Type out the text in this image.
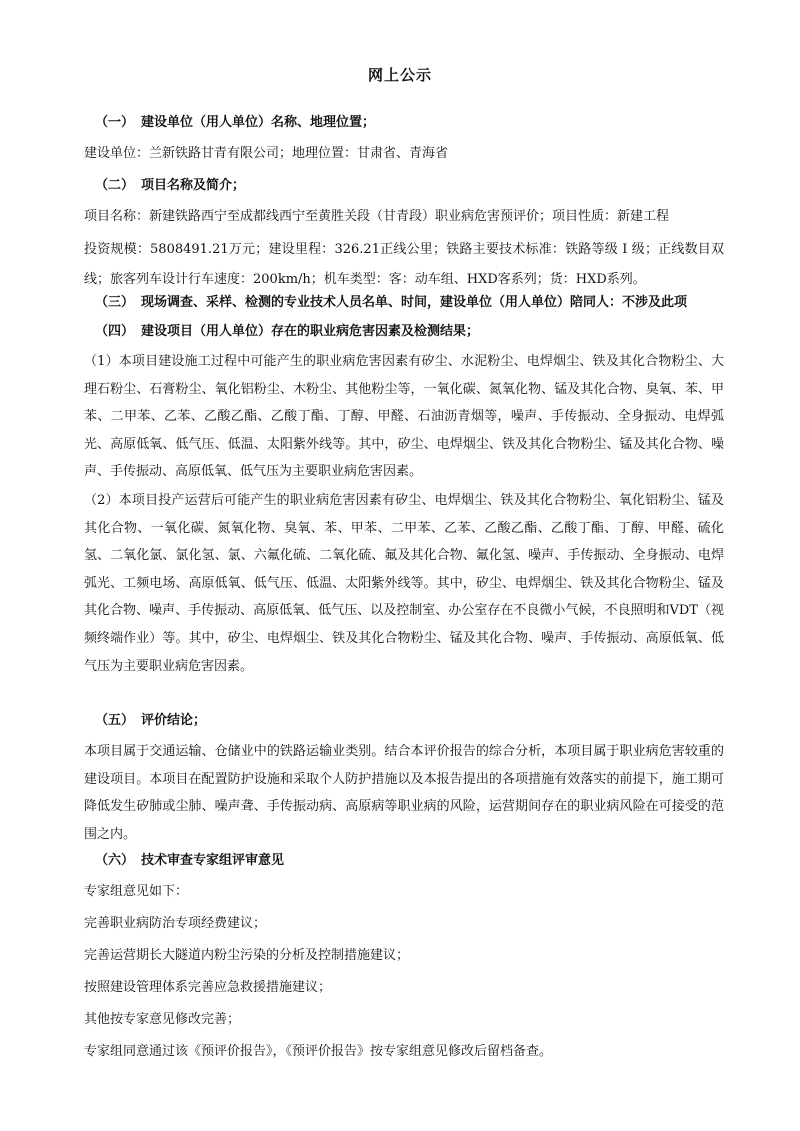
网上公示
（一） 建设单位（用人单位）名称、地理位置；
建设单位：兰新铁路甘青有限公司；地理位置：甘肃省、青海省
（二） 项目名称及简介；
项目名称：新建铁路西宁至成都线西宁至黄胜关段（甘青段）职业病危害预评价；项目性质：新建工程
投资规模：5808491.21万元；建设里程：326.21正线公里；铁路主要技术标准：铁路等级 I 级；正线数目双线；旅客列车设计行车速度：200km/h；机车类型：客：动车组、HXD客系列；货：HXD系列。
（三） 现场调查、采样、检测的专业技术人员名单、时间，建设单位（用人单位）陪同人：不涉及此项
（四） 建设项目（用人单位）存在的职业病危害因素及检测结果；
（1）本项目建设施工过程中可能产生的职业病危害因素有矽尘、水泥粉尘、电焊烟尘、铁及其化合物粉尘、大理石粉尘、石膏粉尘、氧化铝粉尘、木粉尘、其他粉尘等，一氧化碳、氮氧化物、锰及其化合物、臭氧、苯、甲苯、二甲苯、乙苯、乙酸乙酯、乙酸丁酯、丁醇、甲醛、石油沥青烟等，噪声、手传振动、全身振动、电焊弧光、高原低氧、低气压、低温、太阳紫外线等。其中，矽尘、电焊烟尘、铁及其化合物粉尘、锰及其化合物、噪声、手传振动、高原低氧、低气压为主要职业病危害因素。
（2）本项目投产运营后可能产生的职业病危害因素有矽尘、电焊烟尘、铁及其化合物粉尘、氧化铝粉尘、锰及其化合物、一氧化碳、氮氧化物、臭氧、苯、甲苯、二甲苯、乙苯、乙酸乙酯、乙酸丁酯、丁醇、甲醛、硫化氢、二氧化氯、氯化氢、氯、六氟化硫、二氧化硫、氟及其化合物、氟化氢、噪声、手传振动、全身振动、电焊弧光、工频电场、高原低氧、低气压、低温、太阳紫外线等。其中，矽尘、电焊烟尘、铁及其化合物粉尘、锰及其化合物、噪声、手传振动、高原低氧、低气压、以及控制室、办公室存在不良微小气候，不良照明和VDT（视频终端作业）等。其中，矽尘、电焊烟尘、铁及其化合物粉尘、锰及其化合物、噪声、手传振动、高原低氧、低气压为主要职业病危害因素。
（五） 评价结论；
本项目属于交通运输、仓储业中的铁路运输业类别。结合本评价报告的综合分析，本项目属于职业病危害较重的建设项目。本项目在配置防护设施和采取个人防护措施以及本报告提出的各项措施有效落实的前提下，施工期可降低发生矽肺或尘肺、噪声聋、手传振动病、高原病等职业病的风险，运营期间存在的职业病风险在可接受的范围之内。
（六） 技术审查专家组评审意见
专家组意见如下：
完善职业病防治专项经费建议；
完善运营期长大隧道内粉尘污染的分析及控制措施建议；
按照建设管理体系完善应急救援措施建议；
其他按专家意见修改完善；
专家组同意通过该《预评价报告》，《预评价报告》按专家组意见修改后留档备查。
